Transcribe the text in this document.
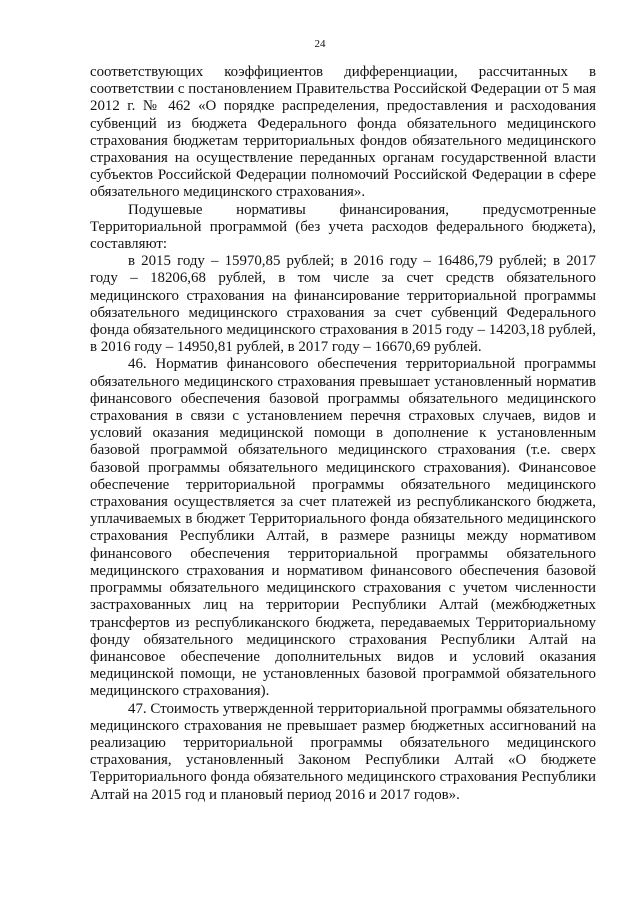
24

соответствующих коэффициентов дифференциации, рассчитанных в соответствии с постановлением Правительства Российской Федерации от 5 мая 2012 г. № 462 «О порядке распределения, предоставления и расходования субвенций из бюджета Федерального фонда обязательного медицинского страхования бюджетам территориальных фондов обязательного медицинского страхования на осуществление переданных органам государственной власти субъектов Российской Федерации полномочий Российской Федерации в сфере обязательного медицинского страхования».

Подушевые нормативы финансирования, предусмотренные Территориальной программой (без учета расходов федерального бюджета), составляют:

в 2015 году – 15970,85 рублей; в 2016 году – 16486,79 рублей; в 2017 году – 18206,68 рублей, в том числе за счет средств обязательного медицинского страхования на финансирование территориальной программы обязательного медицинского страхования за счет субвенций Федерального фонда обязательного медицинского страхования в 2015 году – 14203,18 рублей, в 2016 году – 14950,81 рублей, в 2017 году – 16670,69 рублей.

46. Норматив финансового обеспечения территориальной программы обязательного медицинского страхования превышает установленный норматив финансового обеспечения базовой программы обязательного медицинского страхования в связи с установлением перечня страховых случаев, видов и условий оказания медицинской помощи в дополнение к установленным базовой программой обязательного медицинского страхования (т.е. сверх базовой программы обязательного медицинского страхования). Финансовое обеспечение территориальной программы обязательного медицинского страхования осуществляется за счет платежей из республиканского бюджета, уплачиваемых в бюджет Территориального фонда обязательного медицинского страхования Республики Алтай, в размере разницы между нормативом финансового обеспечения территориальной программы обязательного медицинского страхования и нормативом финансового обеспечения базовой программы обязательного медицинского страхования с учетом численности застрахованных лиц на территории Республики Алтай (межбюджетных трансфертов из республиканского бюджета, передаваемых Территориальному фонду обязательного медицинского страхования Республики Алтай на финансовое обеспечение дополнительных видов и условий оказания медицинской помощи, не установленных базовой программой обязательного медицинского страхования).

47. Стоимость утвержденной территориальной программы обязательного медицинского страхования не превышает размер бюджетных ассигнований на реализацию территориальной программы обязательного медицинского страхования, установленный Законом Республики Алтай «О бюджете Территориального фонда обязательного медицинского страхования Республики Алтай на 2015 год и плановый период 2016 и 2017 годов».
